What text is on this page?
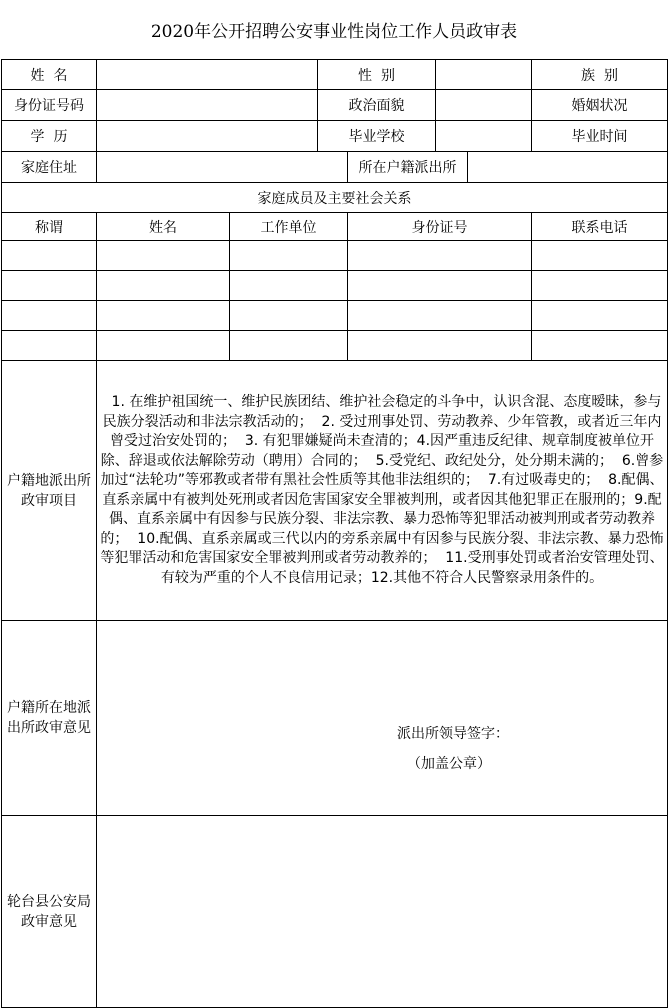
2020年公开招聘公安事业性岗位工作人员政审表
姓  名			性  别				族  别
身份证号码			政治面貌				婚姻状况
学  历			毕业学校				毕业时间
家庭住址				所在户籍派出所			
家庭成员及主要社会关系							
称谓	姓名	工作单位		身份证号			联系电话

户籍地派出所政审项目	1. 在维护祖国统一、维护民族团结、维护社会稳定的斗争中，认识含混、态度暧昧，参与民族分裂活动和非法宗教活动的；  2. 受过刑事处罚、劳动教养、少年管教，或者近三年内曾受过治安处罚的；  3. 有犯罪嫌疑尚未查清的；4.因严重违反纪律、规章制度被单位开除、辞退或依法解除劳动（聘用）合同的；  5.受党纪、政纪处分，处分期未满的；  6.曾参加过“法轮功”等邪教或者带有黑社会性质等其他非法组织的；  7.有过吸毒史的；  8.配偶、直系亲属中有被判处死刑或者因危害国家安全罪被判刑，或者因其他犯罪正在服刑的；9.配偶、直系亲属中有因参与民族分裂、非法宗教、暴力恐怖等犯罪活动被判刑或者劳动教养的；  10.配偶、直系亲属或三代以内的旁系亲属中有因参与民族分裂、非法宗教、暴力恐怖等犯罪活动和危害国家安全罪被判刑或者劳动教养的；  11.受刑事处罚或者治安管理处罚、有较为严重的个人不良信用记录；12.其他不符合人民警察录用条件的。						
户籍所在地派出所政审意见	派出所领导签字：
（加盖公章）						

轮台县公安局政审意见							
